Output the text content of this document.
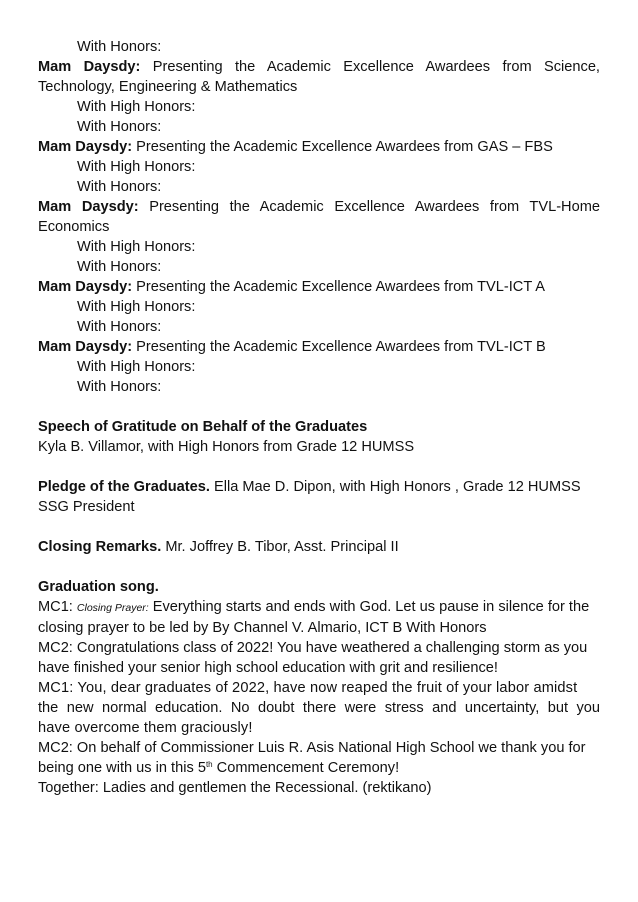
With Honors:

Mam Daysdy: Presenting the Academic Excellence Awardees from Science,

Technology, Engineering & Mathematics

With High Honors:

With Honors:

Mam Daysdy: Presenting the Academic Excellence Awardees from GAS – FBS

With High Honors:

With Honors:

Mam Daysdy: Presenting the Academic Excellence Awardees from TVL-Home

Economics

With High Honors:

With Honors:

Mam Daysdy: Presenting the Academic Excellence Awardees from TVL-ICT A

With High Honors:

With Honors:

Mam Daysdy: Presenting the Academic Excellence Awardees from TVL-ICT B

With High Honors:

With Honors:

Speech of Gratitude on Behalf of the Graduates

Kyla B. Villamor, with High Honors from Grade 12 HUMSS

Pledge of the Graduates. Ella Mae D. Dipon, with High Honors , Grade 12 HUMSS

SSG President

Closing Remarks. Mr. Joffrey B. Tibor, Asst. Principal II

Graduation song.

MC1: Closing Prayer: Everything starts and ends with God. Let us pause in silence for the

closing prayer to be led by By Channel V. Almario, ICT B With Honors

MC2: Congratulations class of 2022! You have weathered a challenging storm as you

have finished your senior high school education with grit and resilience!

MC1: You, dear graduates of 2022, have now reaped the fruit of your labor amidst

the new normal education. No doubt there were stress and uncertainty, but you

have overcome them graciously!

MC2: On behalf of Commissioner Luis R. Asis National High School we thank you for

being one with us in this 5th Commencement Ceremony!

Together: Ladies and gentlemen the Recessional. (rektikano)
